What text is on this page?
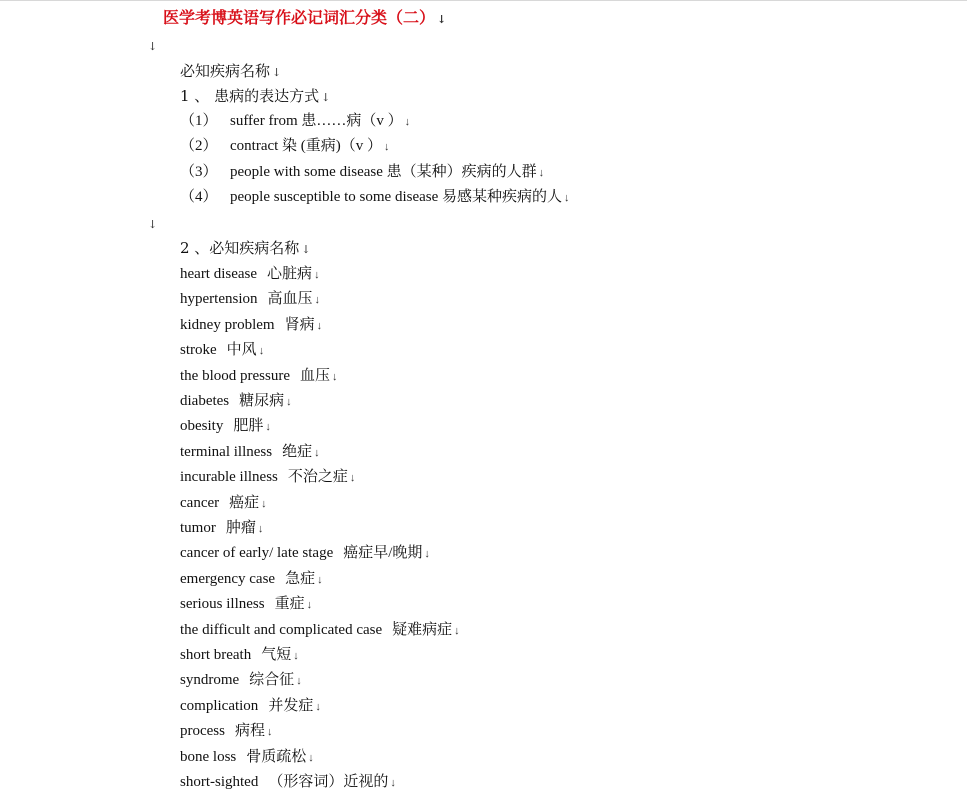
医学考博英语写作必记词汇分类（二） ↓
↓
必知疾病名称 ↓
1 、 患病的表达方式 ↓
（1） suffer from 患……病（v ） ↓
（2） contract 染 (重病)（v ） ↓
（3） people with some disease 患（某种）疾病的人群 ↓
（4） people susceptible to some disease 易感某种疾病的人 ↓
↓
2 、必知疾病名称 ↓
heart disease 心脏病 ↓
hypertension 高血压 ↓
kidney problem 肾病 ↓
stroke 中风 ↓
the blood pressure 血压 ↓
diabetes 糖尿病 ↓
obesity 肥胖 ↓
terminal illness 绝症 ↓
incurable illness 不治之症 ↓
cancer 癌症 ↓
tumor 肿瘤 ↓
cancer of early/ late stage 癌症早/晚期 ↓
emergency case 急症 ↓
serious illness 重症 ↓
the difficult and complicated case 疑难病症 ↓
short breath 气短 ↓
syndrome 综合征 ↓
complication 并发症 ↓
process 病程 ↓
bone loss 骨质疏松 ↓
short-sighted （形容词）近视的 ↓
